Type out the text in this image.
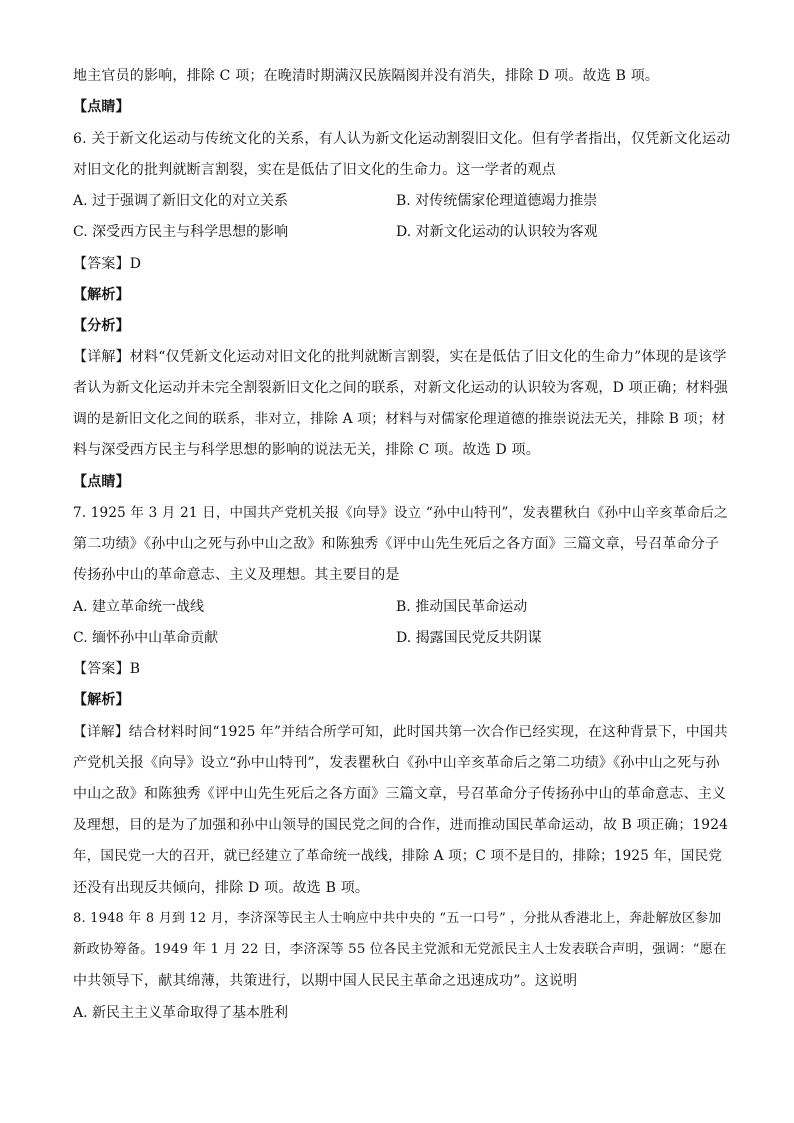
地主官员的影响，排除 C 项；在晚清时期满汉民族隔阂并没有消失，排除 D 项。故选 B 项。
【点睛】
6. 关于新文化运动与传统文化的关系，有人认为新文化运动割裂旧文化。但有学者指出，仅凭新文化运动
对旧文化的批判就断言割裂，实在是低估了旧文化的生命力。这一学者的观点
A. 过于强调了新旧文化的对立关系	B. 对传统儒家伦理道德竭力推崇
C. 深受西方民主与科学思想的影响	D. 对新文化运动的认识较为客观
【答案】D
【解析】
【分析】
【详解】材料“仅凭新文化运动对旧文化的批判就断言割裂，实在是低估了旧文化的生命力”体现的是该学
者认为新文化运动并未完全割裂新旧文化之间的联系，对新文化运动的认识较为客观，D 项正确；材料强
调的是新旧文化之间的联系，非对立，排除 A 项；材料与对儒家伦理道德的推崇说法无关，排除 B 项；材
料与深受西方民主与科学思想的影响的说法无关，排除 C 项。故选 D 项。
【点睛】
7. 1925 年 3 月 21 日，中国共产党机关报《向导》设立 “孙中山特刊”，发表瞿秋白《孙中山辛亥革命后之
第二功绩》《孙中山之死与孙中山之敌》和陈独秀《评中山先生死后之各方面》三篇文章，号召革命分子
传扬孙中山的革命意志、主义及理想。其主要目的是
A. 建立革命统一战线	B. 推动国民革命运动
C. 缅怀孙中山革命贡献	D. 揭露国民党反共阴谋
【答案】B
【解析】
【详解】结合材料时间“1925 年”并结合所学可知，此时国共第一次合作已经实现，在这种背景下，中国共
产党机关报《向导》设立“孙中山特刊”，发表瞿秋白《孙中山辛亥革命后之第二功绩》《孙中山之死与孙
中山之敌》和陈独秀《评中山先生死后之各方面》三篇文章，号召革命分子传扬孙中山的革命意志、主义
及理想，目的是为了加强和孙中山领导的国民党之间的合作，进而推动国民革命运动，故 B 项正确；1924
年，国民党一大的召开，就已经建立了革命统一战线，排除 A 项；C 项不是目的，排除；1925 年，国民党
还没有出现反共倾向，排除 D 项。故选 B 项。
8. 1948 年 8 月到 12 月，李济深等民主人士响应中共中央的 “五一口号” ，分批从香港北上，奔赴解放区参加
新政协筹备。1949 年 1 月 22 日，李济深等 55 位各民主党派和无党派民主人士发表联合声明，强调：“愿在
中共领导下，献其绵薄，共策进行，以期中国人民民主革命之迅速成功”。这说明
A. 新民主主义革命取得了基本胜利
